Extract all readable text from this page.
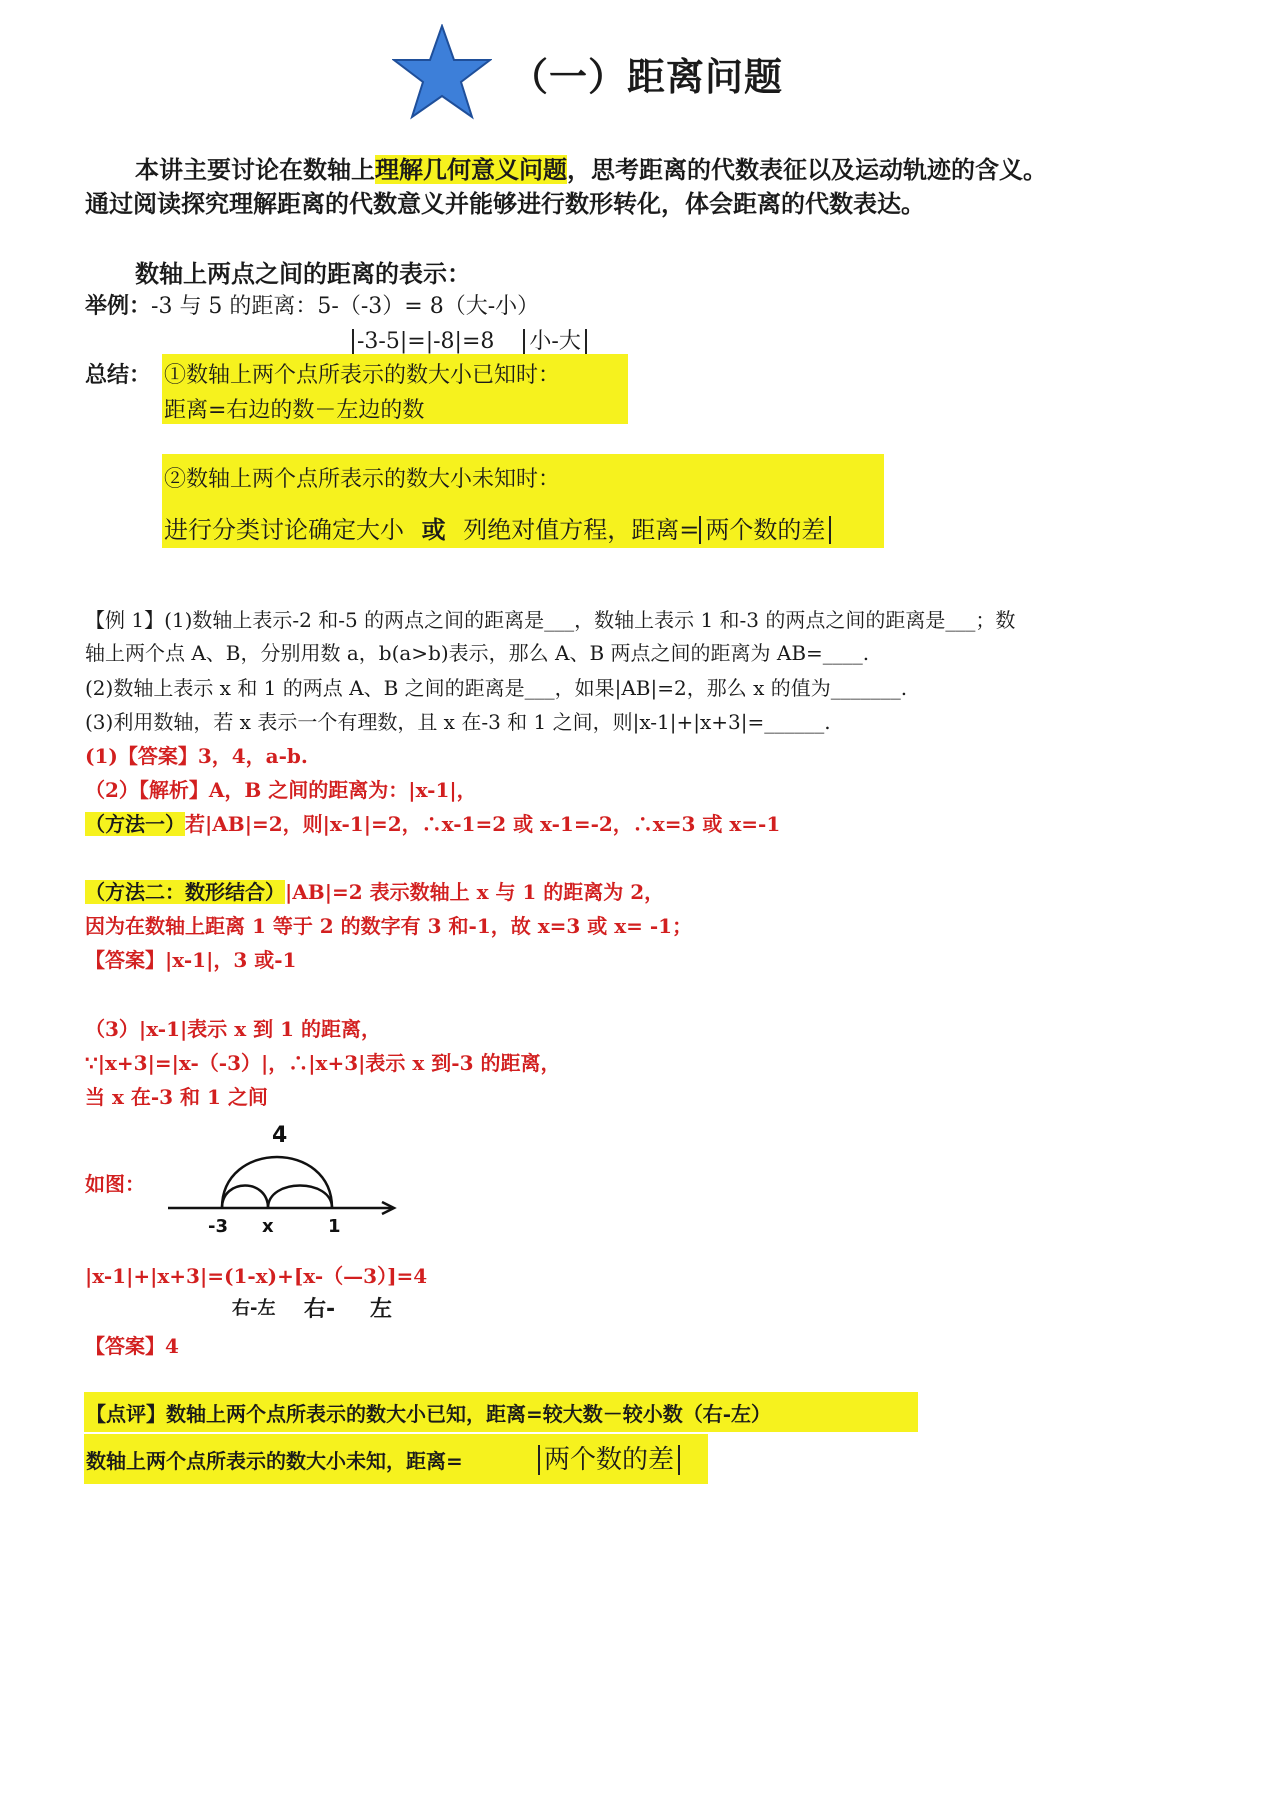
（一）距离问题
本讲主要讨论在数轴上理解几何意义问题，思考距离的代数表征以及运动轨迹的含义。
通过阅读探究理解距离的代数意义并能够进行数形转化，体会距离的代数表达。
数轴上两点之间的距离的表示：
举例：-3 与 5 的距离：5-（-3）= 8（大-小）
-3-5|=|-8|=8 小-大
总结： ①数轴上两个点所表示的数大小已知时：
距离=右边的数－左边的数
②数轴上两个点所表示的数大小未知时：
进行分类讨论确定大小 或 列绝对值方程，距离= 两个数的差
【例 1】(1)数轴上表示-2 和-5 的两点之间的距离是___，数轴上表示 1 和-3 的两点之间的距离是___；数
轴上两个点 A、B，分别用数 a，b(a>b)表示，那么 A、B 两点之间的距离为 AB=____.
(2)数轴上表示 x 和 1 的两点 A、B 之间的距离是___，如果|AB|=2，那么 x 的值为_______.
(3)利用数轴，若 x 表示一个有理数，且 x 在-3 和 1 之间，则|x-1|+|x+3|=______.
(1)【答案】3，4，a-b.
（2）【解析】A，B 之间的距离为：|x-1|，
（方法一）若|AB|=2，则|x-1|=2，∴x-1=2 或 x-1=-2，∴x=3 或 x=-1
（方法二：数形结合）|AB|=2 表示数轴上 x 与 1 的距离为 2，
因为在数轴上距离 1 等于 2 的数字有 3 和-1，故 x=3 或 x= -1；
【答案】|x-1|，3 或-1
（3）|x-1|表示 x 到 1 的距离，
∵|x+3|=|x-（-3）|，∴|x+3|表示 x 到-3 的距离，
当 x 在-3 和 1 之间
如图：
4
-3 x	1
|x-1|+|x+3|=(1-x)+[x-（—3）]=4
右-左 右- 左
【答案】4
【点评】数轴上两个点所表示的数大小已知，距离=较大数－较小数（右-左）
数轴上两个点所表示的数大小未知，距离=	两个数的差
